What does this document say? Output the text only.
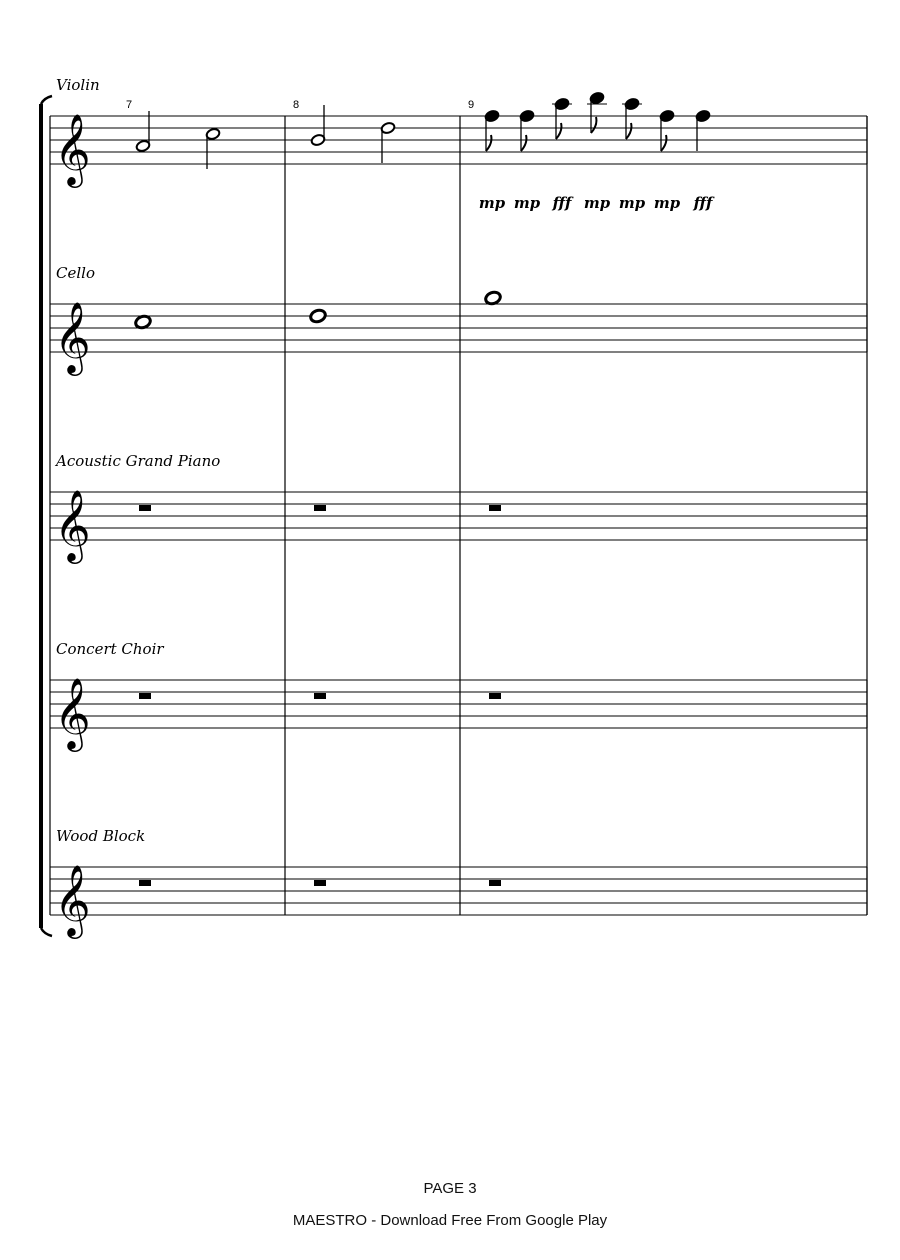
7	8	9
Violin
𝄞
mp mp fff mp mp mp fff
Cello
𝄞
Acoustic Grand Piano
𝄞
Concert Choir
𝄞
Wood Block
𝄞
PAGE 3
MAESTRO - Download Free From Google Play
